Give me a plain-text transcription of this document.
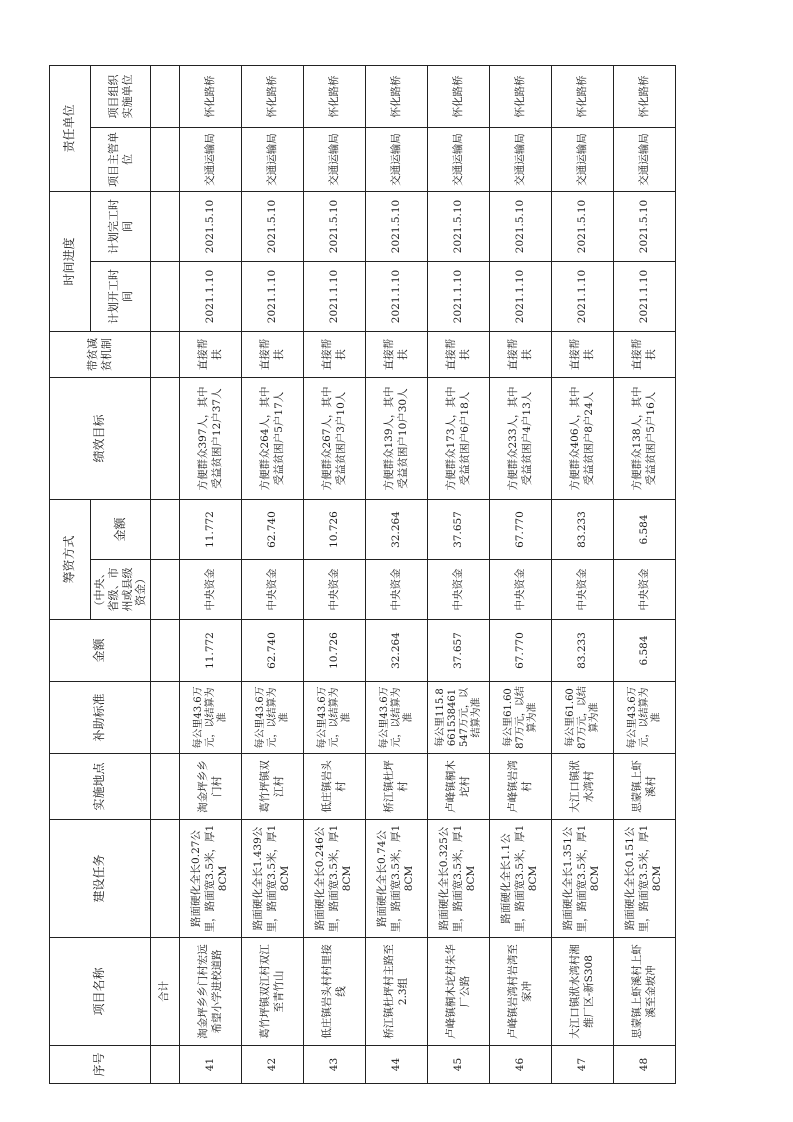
序号	项目名称	建设任务	实施地点	补助标准	金额	筹资方式		绩效目标	带贫减贫机制	时间进度		责任单位	
						（中央、省级、市州或县级资金）	金额			计划开工时间	计划完工时间	项目主管单位	项目组织实施单位
	合计												
41	淘金坪乡乡门村宏远希望小学进校道路	路面硬化全长0.27公里，路面宽3.5米，厚18CM	淘金坪乡乡门村	每公里43.6万元，以结算为准	11.772	中央资金	11.772	方便群众397人，其中受益贫困户12户37人	直接帮扶	2021.1.10	2021.5.10	交通运输局	怀化路桥
42	葛竹坪镇双江村双江至青竹山	路面硬化全长1.439公里，路面宽3.5米，厚18CM	葛竹坪镇双江村	每公里43.6万元，以结算为准	62.740	中央资金	62.740	方便群众264人，其中受益贫困户5户17人	直接帮扶	2021.1.10	2021.5.10	交通运输局	怀化路桥
43	低庄镇岩头村村里接线	路面硬化全长0.246公里，路面宽3.5米，厚18CM	低庄镇岩头村	每公里43.6万元，以结算为准	10.726	中央资金	10.726	方便群众267人，其中受益贫困户3户10人	直接帮扶	2021.1.10	2021.5.10	交通运输局	怀化路桥
44	桥江镇杜坪村主路至2.3组	路面硬化全长0.74公里，路面宽3.5米，厚18CM	桥江镇杜坪村	每公里43.6万元，以结算为准	32.264	中央资金	32.264	方便群众139人，其中受益贫困户10户30人	直接帮扶	2021.1.10	2021.5.10	交通运输局	怀化路桥
45	卢峰镇桐木坨村朱华厂公路	路面硬化全长0.325公里，路面宽3.5米，厚18CM	卢峰镇桐木坨村	每公里115.8661538461547万元，以结算为准	37.657	中央资金	37.657	方便群众173人，其中受益贫困户6户18人	直接帮扶	2021.1.10	2021.5.10	交通运输局	怀化路桥
46	卢峰镇岩湾村岩湾至家冲	路面硬化全长1.1公里，路面宽3.5米，厚18CM	卢峰镇岩湾村	每公里61.6087万元，以结算为准	67.770	中央资金	67.770	方便群众233人，其中受益贫困户4户13人	直接帮扶	2021.1.10	2021.5.10	交通运输局	怀化路桥
47	大江口镇洑水湾村湘维厂区-新S308	路面硬化全长1.351公里，路面宽3.5米，厚18CM	大江口镇洑水湾村	每公里61.6087万元，以结算为准	83.233	中央资金	83.233	方便群众406人，其中受益贫困户8户24人	直接帮扶	2021.1.10	2021.5.10	交通运输局	怀化路桥
48	思蒙镇上虾溪村上虾溪至金坡冲	路面硬化全长0.151公里，路面宽3.5米，厚18CM	思蒙镇上虾溪村	每公里43.6万元，以结算为准	6.584	中央资金	6.584	方便群众138人，其中受益贫困户5户16人	直接帮扶	2021.1.10	2021.5.10	交通运输局	怀化路桥
